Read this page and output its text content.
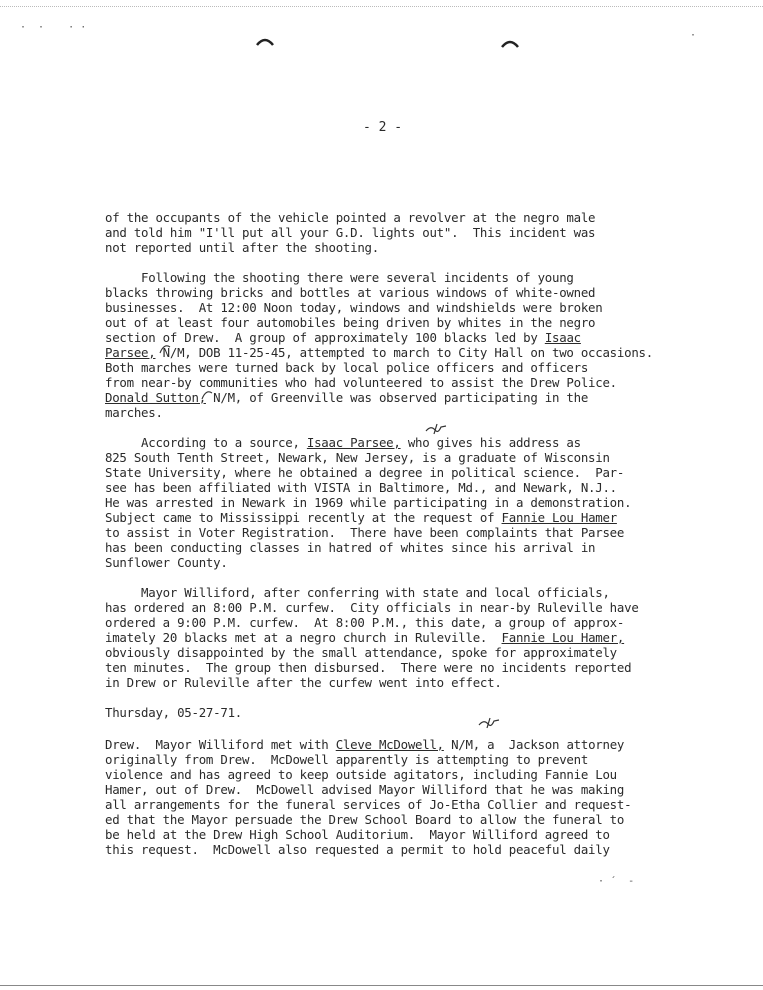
·  ·    · ·
·
- 2 -
of the occupants of the vehicle pointed a revolver at the negro male
and told him "I'll put all your G.D. lights out".  This incident was
not reported until after the shooting.
Following the shooting there were several incidents of young
blacks throwing bricks and bottles at various windows of white-owned
businesses.  At 12:00 Noon today, windows and windshields were broken
out of at least four automobiles being driven by whites in the negro
section of Drew.  A group of approximately 100 blacks led by Isaac
Parsee, N/M, DOB 11-25-45, attempted to march to City Hall on two occasions.
Both marches were turned back by local police officers and officers
from near-by communities who had volunteered to assist the Drew Police.
Donald Sutton, N/M, of Greenville was observed participating in the
marches.
According to a source, Isaac Parsee, who gives his address as
825 South Tenth Street, Newark, New Jersey, is a graduate of Wisconsin
State University, where he obtained a degree in political science.  Par-
see has been affiliated with VISTA in Baltimore, Md., and Newark, N.J..
He was arrested in Newark in 1969 while participating in a demonstration.
Subject came to Mississippi recently at the request of Fannie Lou Hamer
to assist in Voter Registration.  There have been complaints that Parsee
has been conducting classes in hatred of whites since his arrival in
Sunflower County.
Mayor Williford, after conferring with state and local officials,
has ordered an 8:00 P.M. curfew.  City officials in near-by Ruleville have
ordered a 9:00 P.M. curfew.  At 8:00 P.M., this date, a group of approx-
imately 20 blacks met at a negro church in Ruleville.  Fannie Lou Hamer,
obviously disappointed by the small attendance, spoke for approximately
ten minutes.  The group then disbursed.  There were no incidents reported
in Drew or Ruleville after the curfew went into effect.
Thursday, 05-27-71.
Drew.  Mayor Williford met with Cleve McDowell, N/M, a  Jackson attorney
originally from Drew.  McDowell apparently is attempting to prevent
violence and has agreed to keep outside agitators, including Fannie Lou
Hamer, out of Drew.  McDowell advised Mayor Williford that he was making
all arrangements for the funeral services of Jo-Etha Collier and request-
ed that the Mayor persuade the Drew School Board to allow the funeral to
be held at the Drew High School Auditorium.  Mayor Williford agreed to
this request.  McDowell also requested a permit to hold peaceful daily
· ´  -
